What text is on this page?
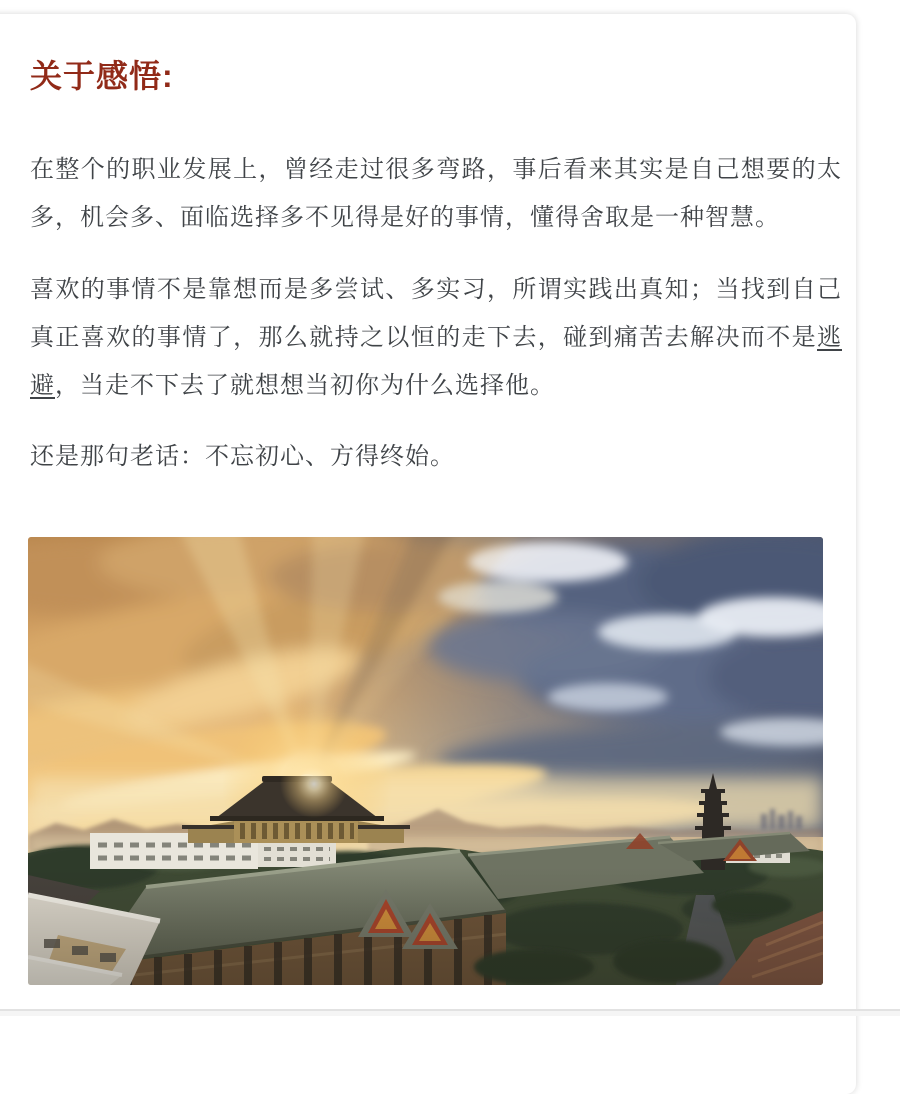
关于感悟:

在整个的职业发展上，曾经走过很多弯路，事后看来其实是自己想要的太多，机会多、面临选择多不见得是好的事情，懂得舍取是一种智慧。

喜欢的事情不是靠想而是多尝试、多实习，所谓实践出真知；当找到自己真正喜欢的事情了，那么就持之以恒的走下去，碰到痛苦去解决而不是逃避，当走不下去了就想想当初你为什么选择他。

还是那句老话：不忘初心、方得终始。
